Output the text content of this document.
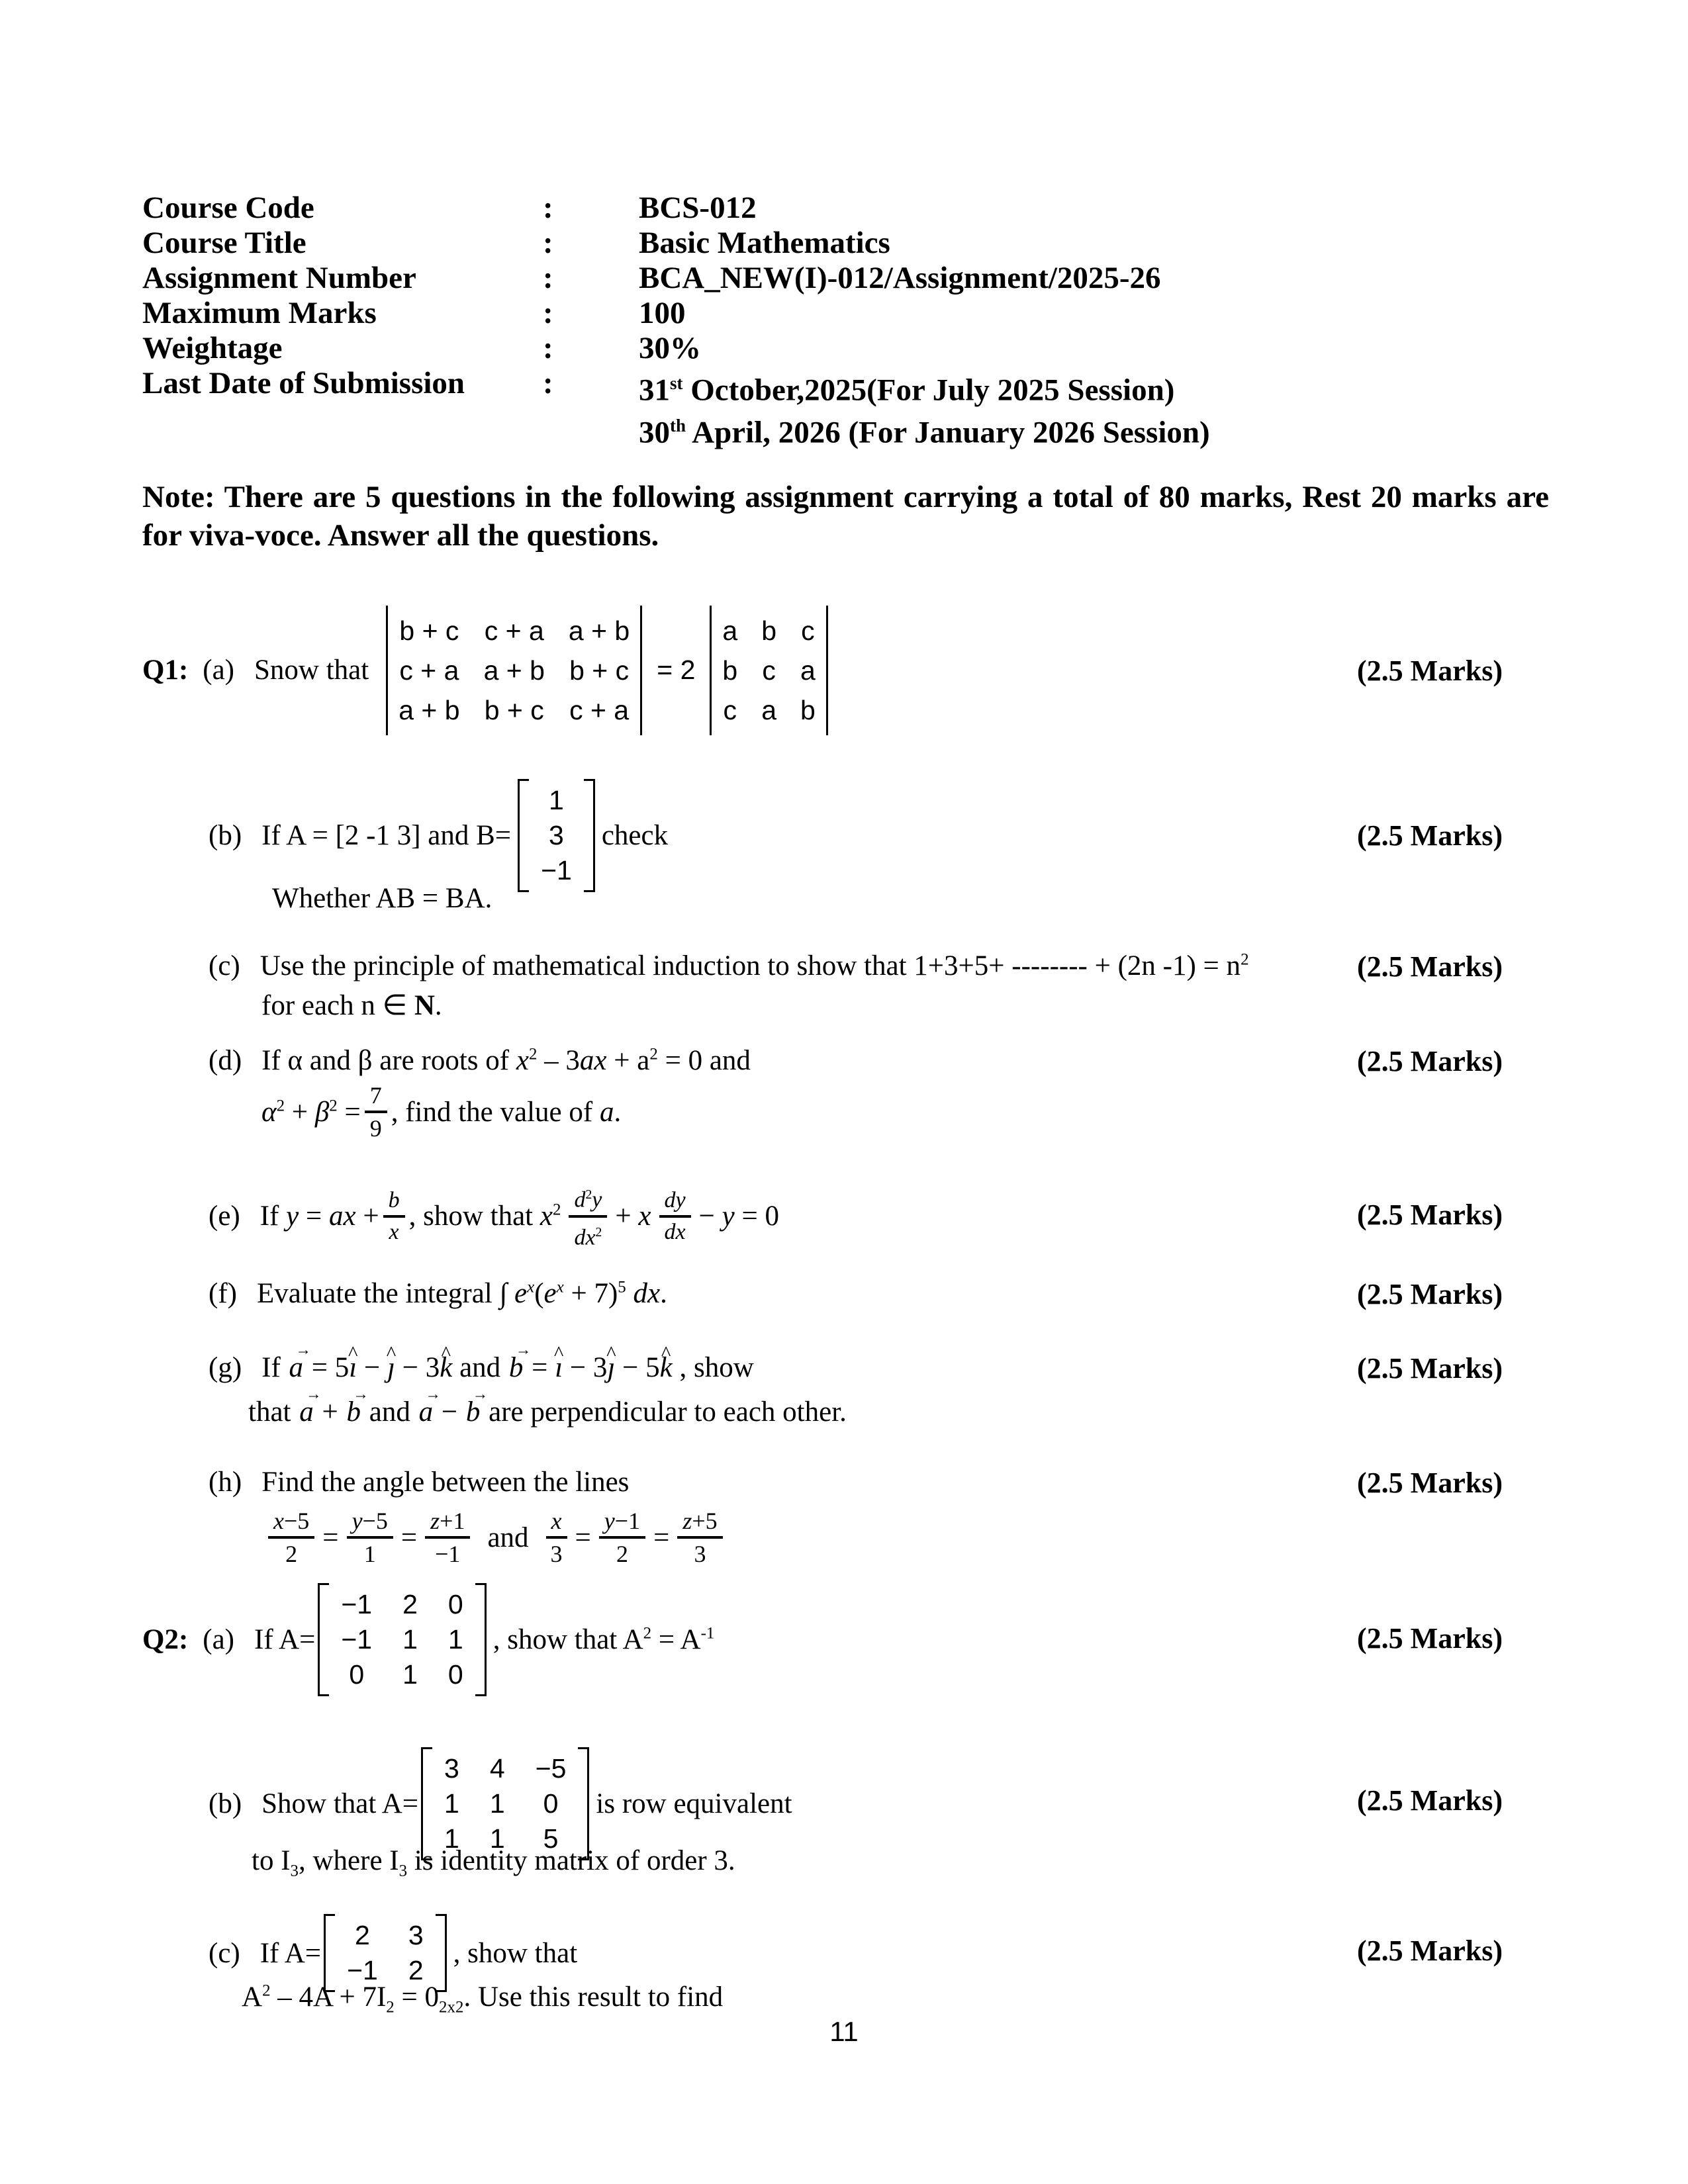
Course Code	:	BCS-012
Course Title	:	Basic Mathematics
Assignment Number	:	BCA_NEW(I)-012/Assignment/2025-26
Maximum Marks	:	100
Weightage	:	30%
Last Date of Submission	:	31st October,2025(For July 2025 Session)
30th April, 2026 (For January 2026 Session)
Note: There are 5 questions in the following assignment carrying a total of 80 marks, Rest 20 marks are for viva-voce. Answer all the questions.
Q1: (a) Snow that
b + c c + a a + b
c + a a + b b + c
a + b b + c c + a
= 2
a b c
b c a
c a b
(2.5 Marks)
(b) If A = [2 -1 3] and B=
1
3
−1
check	(2.5 Marks)
Whether AB = BA.
(c) Use the principle of mathematical induction to show that 1+3+5+ -------- + (2n $-1) = n^2$
for each n ∈ N.
(2.5 Marks)
(d) If α and β are roots of $x^2 - 3ax + a^2 = 0$ and
$\alpha^2 + \beta^2 = \frac{7}{9}$ , find the value of a.
(2.5 Marks)
(e) If y = ax + $\frac{b}{x}$ , show that $x^2 \frac{d^2y}{dx^2} + x \frac{dy}{dx} - y = 0$	(2.5 Marks)
(f) Evaluate the integral ∫ $e^x(e^x + 7)^5$ dx.	(2.5 Marks)
(g) If a → = 5ı ^ − ȷ ^ − 3k ^ and b → = ı ^ − 3ȷ ^ − 5k ^ , show
that a → + b → and a → − b → are perpendicular to each other.
(2.5 Marks)
(h) Find the angle between the lines
$\frac{x-5}{2} = \frac{y-5}{1} = \frac{z+1}{-1}$ and $\frac{x}{3} = \frac{y-1}{2} = \frac{z+5}{3}$
(2.5 Marks)
Q2: (a) If A=
−1 2 0
−1 1 1
0 1 0
, show that $A^2 = A^{-1}$	(2.5 Marks)
(b) Show that A=
3 4 −5
1 1 0
1 1 5
is row equivalent	(2.5 Marks)
to $I_3$, where $I_3$ is identity matrix of order 3.
(c) If A=
2 3
−1 2
, show that	(2.5 Marks)
$A^2 - 4A + 7I_2 = 0_{2x2}$. Use this result to find
11
